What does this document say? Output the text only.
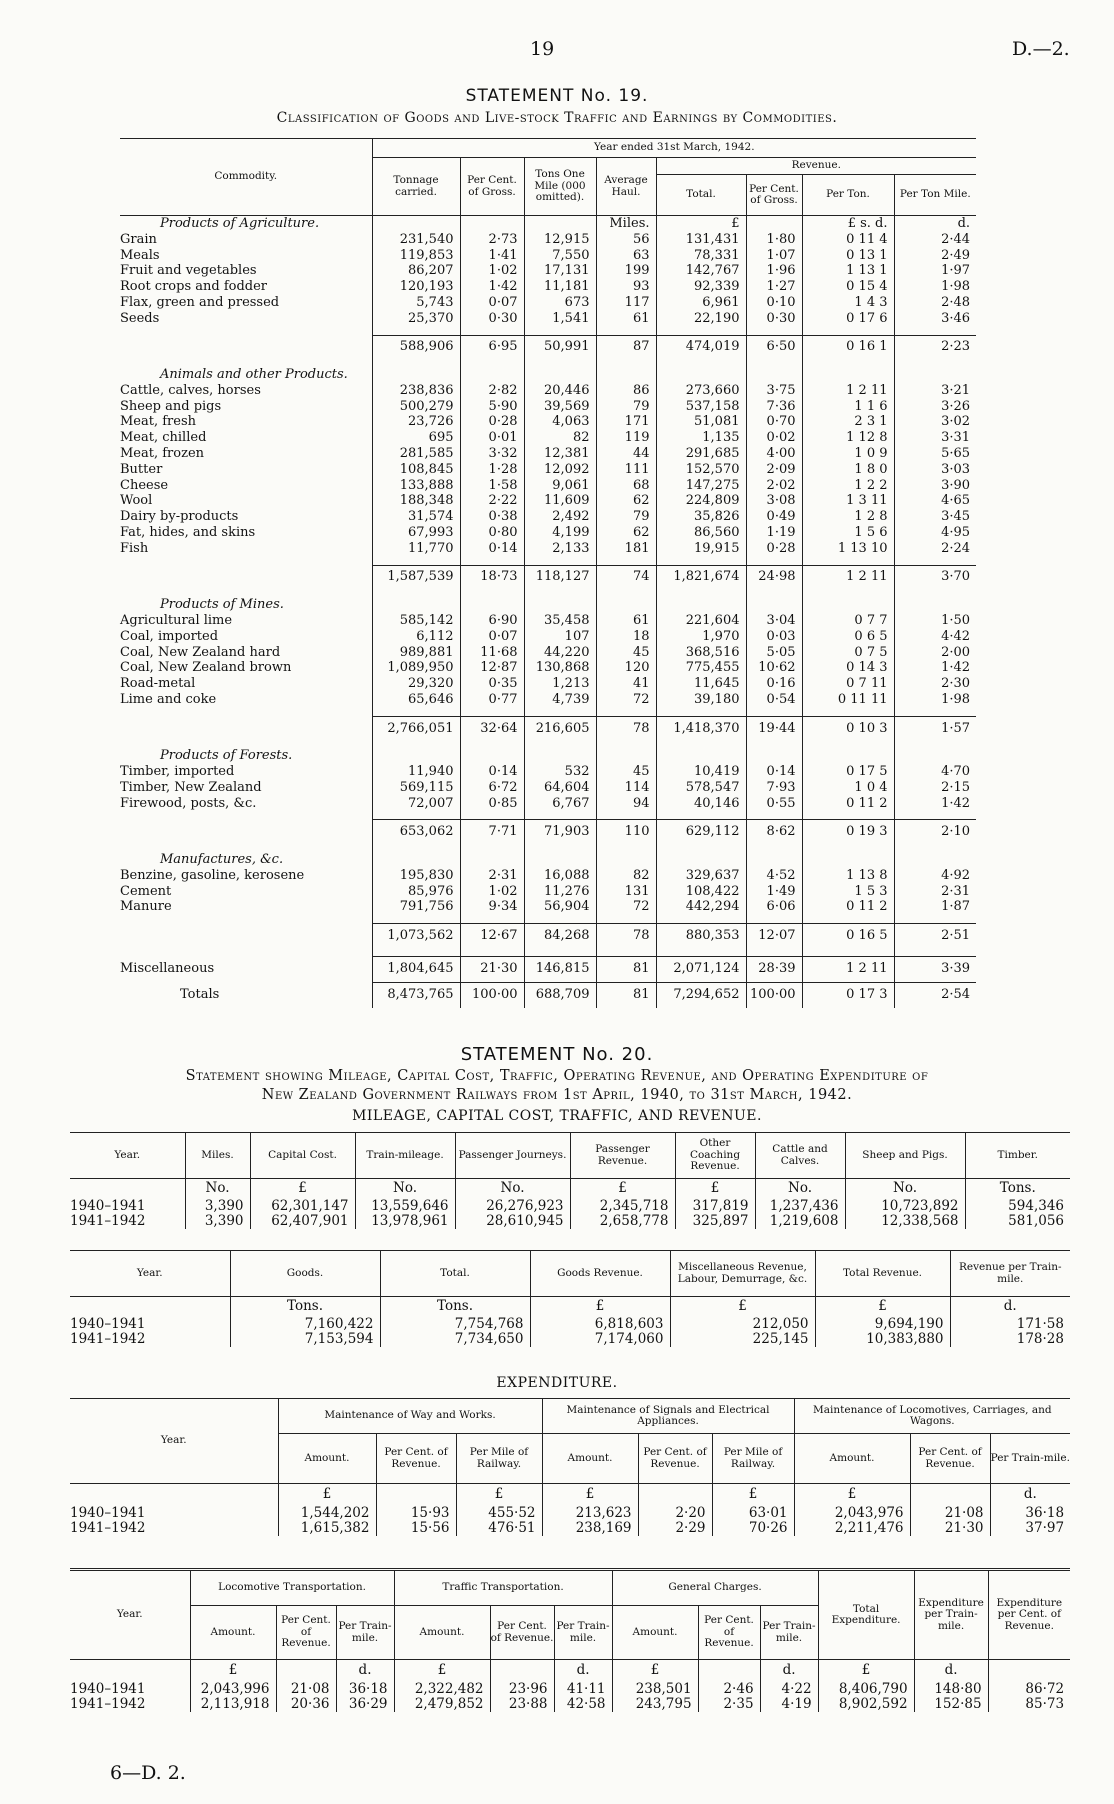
19	D.—2.
STATEMENT No. 19.
Classification of Goods and Live-stock Traffic and Earnings by Commodities.
Commodity.	Year ended 31st March, 1942.							
	Tonnage carried.	Per Cent. of Gross.	Tons One Mile (000 omitted).	Average Haul.	Revenue.			
					Total.	Per Cent. of Gross.	Per Ton.	Per Ton Mile.
Products of Agriculture.				Miles.	£		£ s. d.	d.
Grain	231,540	2·73	12,915	56	131,431	1·80	0 11 4	2·44
Meals	119,853	1·41	7,550	63	78,331	1·07	0 13 1	2·49
Fruit and vegetables	86,207	1·02	17,131	199	142,767	1·96	1 13 1	1·97
Root crops and fodder	120,193	1·42	11,181	93	92,339	1·27	0 15 4	1·98
Flax, green and pressed	5,743	0·07	673	117	6,961	0·10	1 4 3	2·48
Seeds	25,370	0·30	1,541	61	22,190	0·30	0 17 6	3·46

	588,906	6·95	50,991	87	474,019	6·50	0 16 1	2·23

Animals and other Products.								
Cattle, calves, horses	238,836	2·82	20,446	86	273,660	3·75	1 2 11	3·21
Sheep and pigs	500,279	5·90	39,569	79	537,158	7·36	1 1 6	3·26
Meat, fresh	23,726	0·28	4,063	171	51,081	0·70	2 3 1	3·02
Meat, chilled	695	0·01	82	119	1,135	0·02	1 12 8	3·31
Meat, frozen	281,585	3·32	12,381	44	291,685	4·00	1 0 9	5·65
Butter	108,845	1·28	12,092	111	152,570	2·09	1 8 0	3·03
Cheese	133,888	1·58	9,061	68	147,275	2·02	1 2 2	3·90
Wool	188,348	2·22	11,609	62	224,809	3·08	1 3 11	4·65
Dairy by-products	31,574	0·38	2,492	79	35,826	0·49	1 2 8	3·45
Fat, hides, and skins	67,993	0·80	4,199	62	86,560	1·19	1 5 6	4·95
Fish	11,770	0·14	2,133	181	19,915	0·28	1 13 10	2·24

	1,587,539	18·73	118,127	74	1,821,674	24·98	1 2 11	3·70

Products of Mines.								
Agricultural lime	585,142	6·90	35,458	61	221,604	3·04	0 7 7	1·50
Coal, imported	6,112	0·07	107	18	1,970	0·03	0 6 5	4·42
Coal, New Zealand hard	989,881	11·68	44,220	45	368,516	5·05	0 7 5	2·00
Coal, New Zealand brown	1,089,950	12·87	130,868	120	775,455	10·62	0 14 3	1·42
Road-metal	29,320	0·35	1,213	41	11,645	0·16	0 7 11	2·30
Lime and coke	65,646	0·77	4,739	72	39,180	0·54	0 11 11	1·98

	2,766,051	32·64	216,605	78	1,418,370	19·44	0 10 3	1·57

Products of Forests.								
Timber, imported	11,940	0·14	532	45	10,419	0·14	0 17 5	4·70
Timber, New Zealand	569,115	6·72	64,604	114	578,547	7·93	1 0 4	2·15
Firewood, posts, &c.	72,007	0·85	6,767	94	40,146	0·55	0 11 2	1·42

	653,062	7·71	71,903	110	629,112	8·62	0 19 3	2·10

Manufactures, &c.								
Benzine, gasoline, kerosene	195,830	2·31	16,088	82	329,637	4·52	1 13 8	4·92
Cement	85,976	1·02	11,276	131	108,422	1·49	1 5 3	2·31
Manure	791,756	9·34	56,904	72	442,294	6·06	0 11 2	1·87

	1,073,562	12·67	84,268	78	880,353	12·07	0 16 5	2·51

Miscellaneous	1,804,645	21·30	146,815	81	2,071,124	28·39	1 2 11	3·39
Totals	8,473,765	100·00	688,709	81	7,294,652	100·00	0 17 3	2·54
STATEMENT No. 20.
Statement showing Mileage, Capital Cost, Traffic, Operating Revenue, and Operating Expenditure of
New Zealand Government Railways from 1st April, 1940, to 31st March, 1942.
MILEAGE, CAPITAL COST, TRAFFIC, AND REVENUE.
Year.	Miles.	Capital Cost.	Train-mileage.	Passenger Journeys.	Passenger Revenue.	Other Coaching Revenue.	Cattle and Calves.	Sheep and Pigs.	Timber.
	No.	£	No.	No.	£	£	No.	No.	Tons.
1940–1941	3,390	62,301,147	13,559,646	26,276,923	2,345,718	317,819	1,237,436	10,723,892	594,346
1941–1942	3,390	62,407,901	13,978,961	28,610,945	2,658,778	325,897	1,219,608	12,338,568	581,056
Year.	Goods.	Total.	Goods Revenue.	Miscellaneous Revenue, Labour, Demurrage, &c.	Total Revenue.	Revenue per Train-mile.
	Tons.	Tons.	£	£	£	d.
1940–1941	7,160,422	7,754,768	6,818,603	212,050	9,694,190	171·58
1941–1942	7,153,594	7,734,650	7,174,060	225,145	10,383,880	178·28
EXPENDITURE.
Year.	Maintenance of Way and Works.			Maintenance of Signals and Electrical Appliances.			Maintenance of Locomotives, Carriages, and Wagons.		
	Amount.	Per Cent. of Revenue.	Per Mile of Railway.	Amount.	Per Cent. of Revenue.	Per Mile of Railway.	Amount.	Per Cent. of Revenue.	Per Train-mile.
	£		£	£		£	£		d.
1940–1941	1,544,202	15·93	455·52	213,623	2·20	63·01	2,043,976	21·08	36·18
1941–1942	1,615,382	15·56	476·51	238,169	2·29	70·26	2,211,476	21·30	37·97
Year.	Locomotive Transportation.			Traffic Transportation.			General Charges.			Total Expenditure.	Expenditure per Train-mile.	Expenditure per Cent. of Revenue.
	Amount.	Per Cent. of Revenue.	Per Train-mile.	Amount.	Per Cent. of Revenue.	Per Train-mile.	Amount.	Per Cent. of Revenue.	Per Train-mile.			
	£		d.	£		d.	£		d.	£	d.	
1940–1941	2,043,996	21·08	36·18	2,322,482	23·96	41·11	238,501	2·46	4·22	8,406,790	148·80	86·72
1941–1942	2,113,918	20·36	36·29	2,479,852	23·88	42·58	243,795	2·35	4·19	8,902,592	152·85	85·73
6—D. 2.
